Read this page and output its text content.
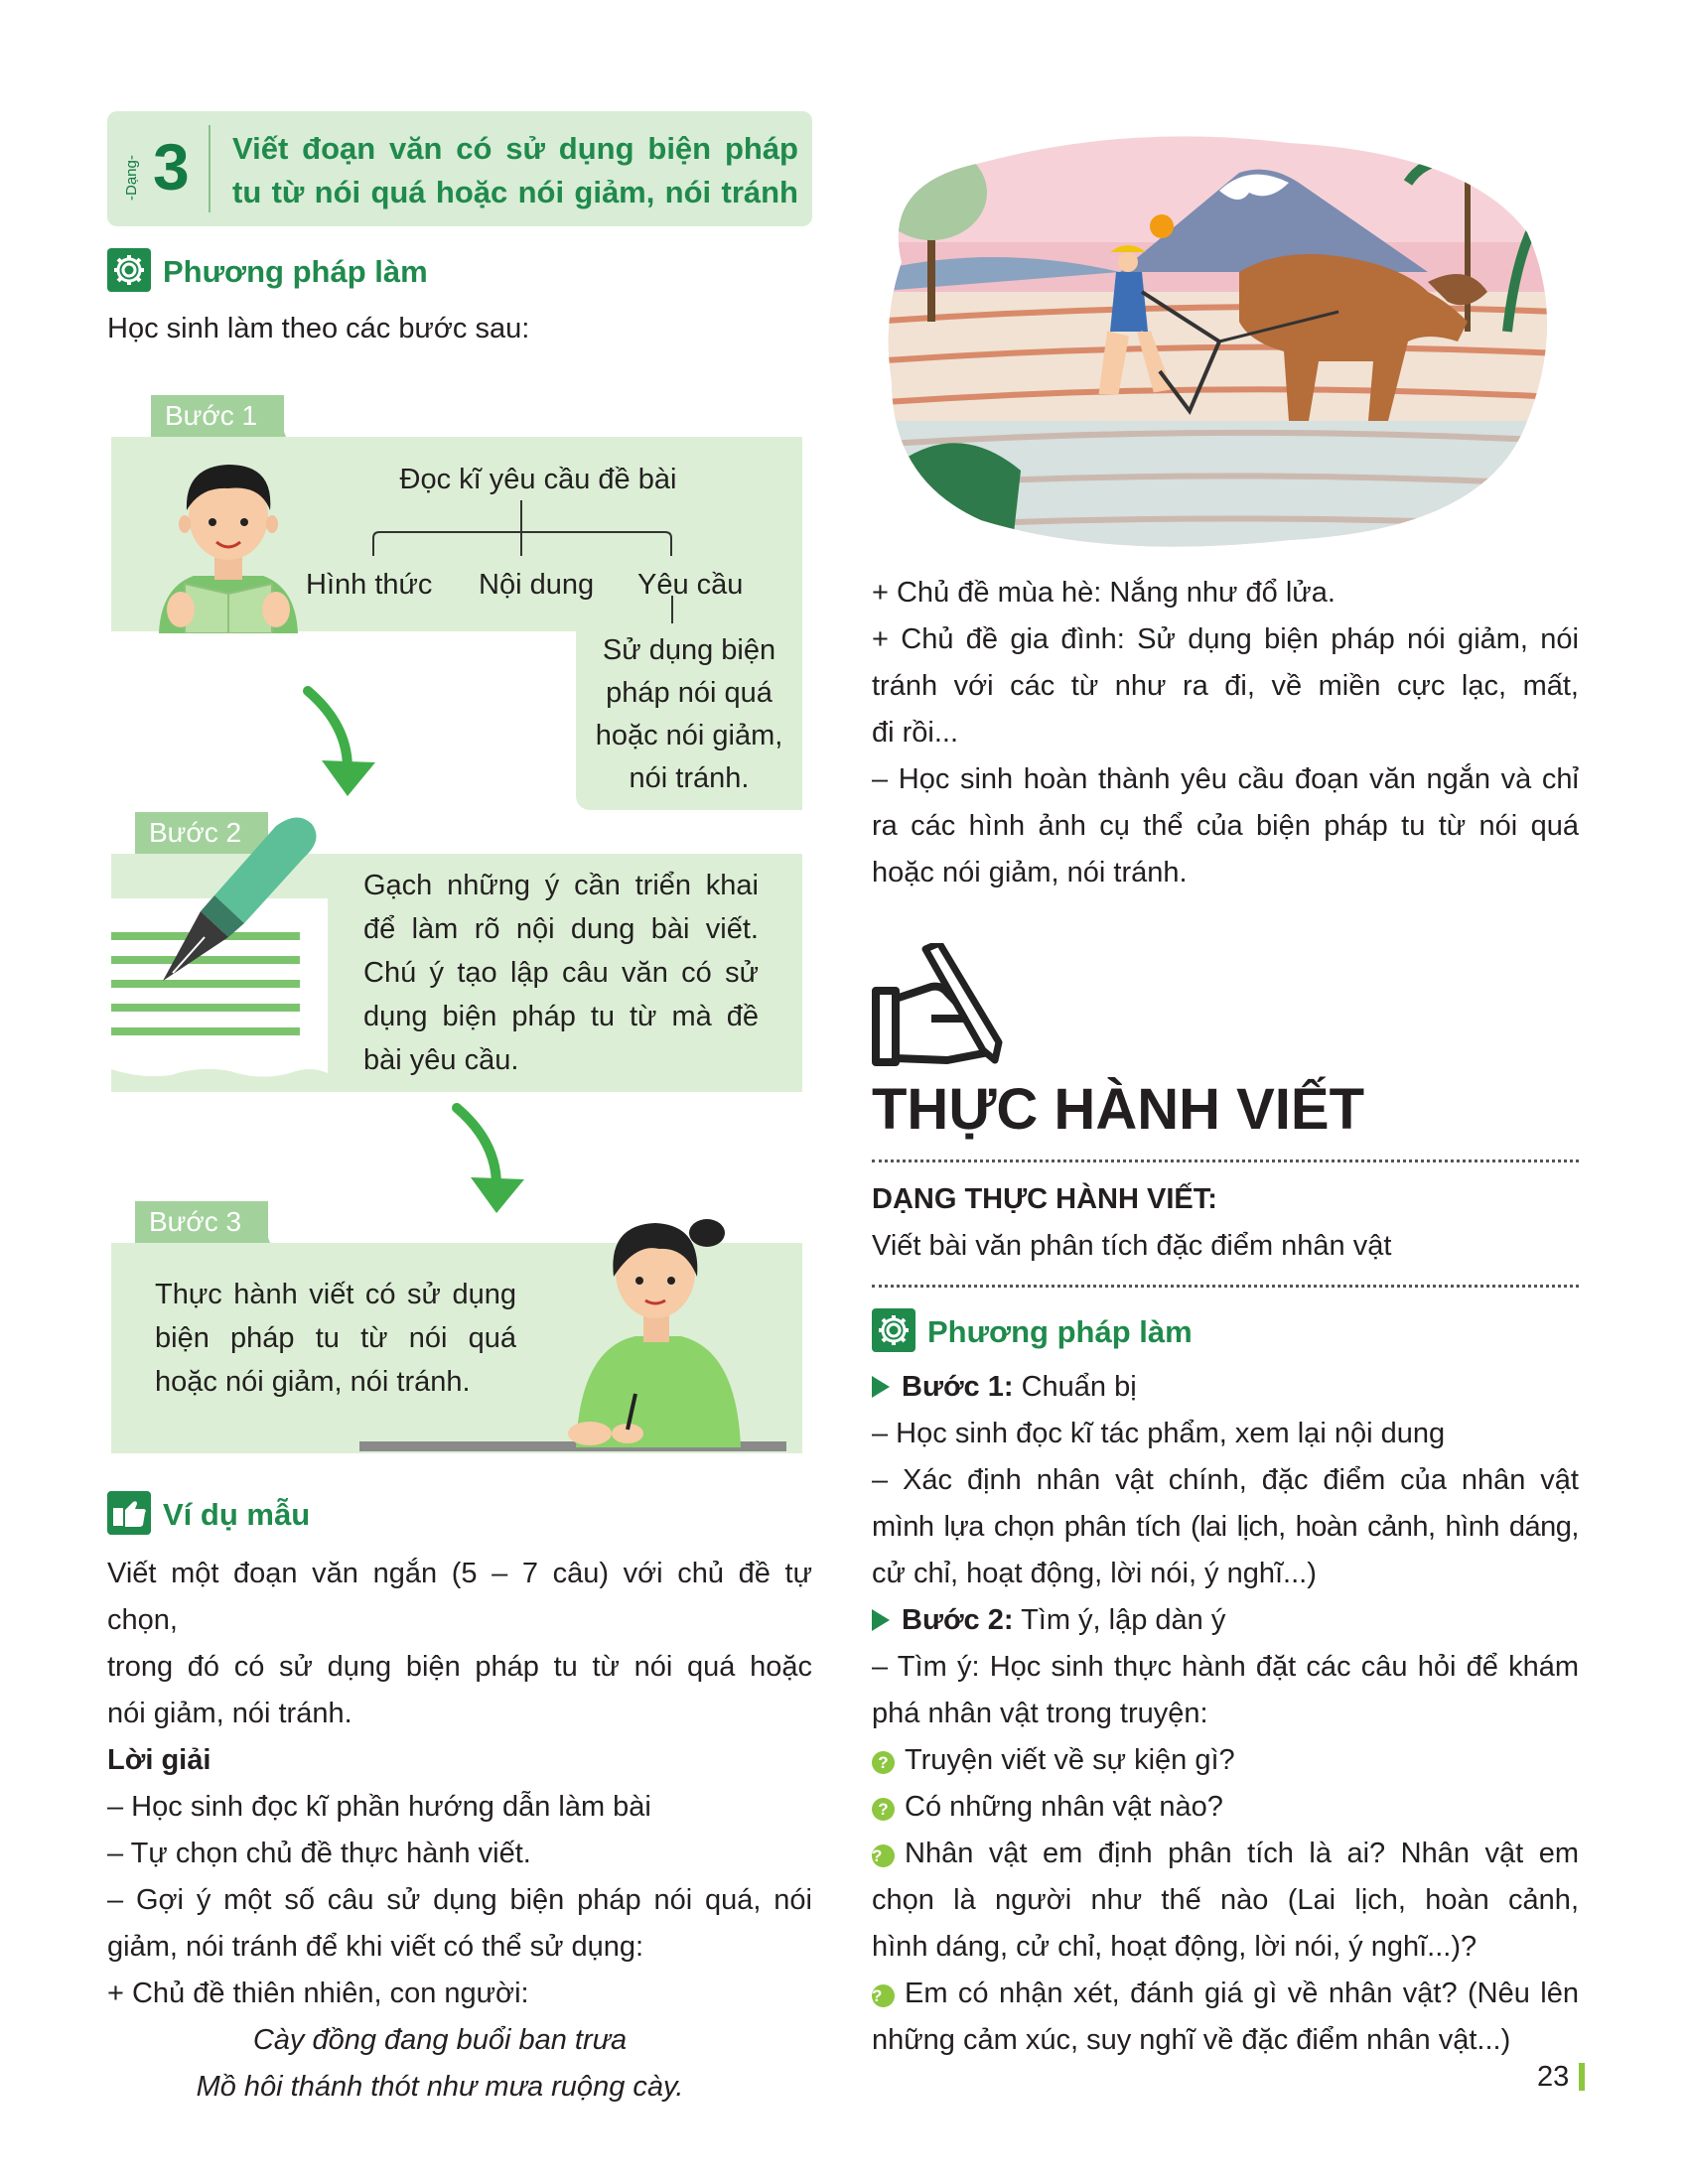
-Dạng- 3 Viết đoạn văn có sử dụng biện pháp
tu từ nói quá hoặc nói giảm, nói tránh
Phương pháp làm
Học sinh làm theo các bước sau:
Bước 1
Đọc kĩ yêu cầu đề bài
Hình thức Nội dung Yêu cầu
Sử dụng biện
pháp nói quá
hoặc nói giảm,
nói tránh.
Bước 2
Gạch những ý cần triển khai
để làm rõ nội dung bài viết.
Chú ý tạo lập câu văn có sử
dụng biện pháp tu từ mà đề
bài yêu cầu.
Bước 3
Thực hành viết có sử dụng
biện pháp tu từ nói quá
hoặc nói giảm, nói tránh.
Ví dụ mẫu
Viết một đoạn văn ngắn (5 – 7 câu) với chủ đề tự chọn,
trong đó có sử dụng biện pháp tu từ nói quá hoặc
nói giảm, nói tránh.
Lời giải
– Học sinh đọc kĩ phần hướng dẫn làm bài
– Tự chọn chủ đề thực hành viết.
– Gợi ý một số câu sử dụng biện pháp nói quá, nói
giảm, nói tránh để khi viết có thể sử dụng:
+ Chủ đề thiên nhiên, con người:
Cày đồng đang buổi ban trưa
Mồ hôi thánh thót như mưa ruộng cày.
+ Chủ đề mùa hè: Nắng như đổ lửa.
+ Chủ đề gia đình: Sử dụng biện pháp nói giảm, nói
tránh với các từ như ra đi, về miền cực lạc, mất,
đi rồi...
– Học sinh hoàn thành yêu cầu đoạn văn ngắn và chỉ
ra các hình ảnh cụ thể của biện pháp tu từ nói quá
hoặc nói giảm, nói tránh.
THỰC HÀNH VIẾT
DẠNG THỰC HÀNH VIẾT:
Viết bài văn phân tích đặc điểm nhân vật
Phương pháp làm
Bước 1: Chuẩn bị
– Học sinh đọc kĩ tác phẩm, xem lại nội dung
– Xác định nhân vật chính, đặc điểm của nhân vật
mình lựa chọn phân tích (lai lịch, hoàn cảnh, hình dáng,
cử chỉ, hoạt động, lời nói, ý nghĩ...)
Bước 2: Tìm ý, lập dàn ý
– Tìm ý: Học sinh thực hành đặt các câu hỏi để khám
phá nhân vật trong truyện:
? Truyện viết về sự kiện gì?
? Có những nhân vật nào?
? Nhân vật em định phân tích là ai? Nhân vật em
chọn là người như thế nào (Lai lịch, hoàn cảnh,
hình dáng, cử chỉ, hoạt động, lời nói, ý nghĩ...)?
? Em có nhận xét, đánh giá gì về nhân vật? (Nêu lên
những cảm xúc, suy nghĩ về đặc điểm nhân vật...)
23
